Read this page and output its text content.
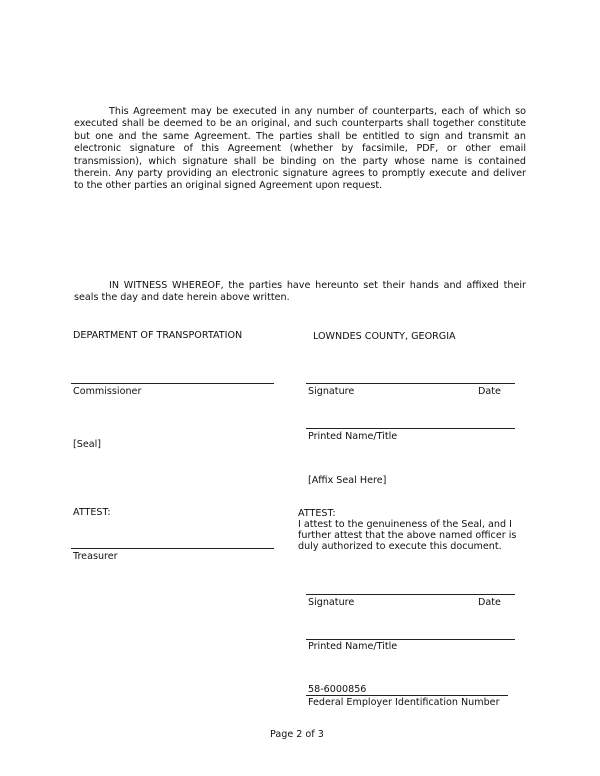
This Agreement may be executed in any number of counterparts, each of which so executed shall be deemed to be an original, and such counterparts shall together constitute but one and the same Agreement. The parties shall be entitled to sign and transmit an electronic signature of this Agreement (whether by facsimile, PDF, or other email transmission), which signature shall be binding on the party whose name is contained therein. Any party providing an electronic signature agrees to promptly execute and deliver to the other parties an original signed Agreement upon request.
IN WITNESS WHEREOF, the parties have hereunto set their hands and affixed their seals the day and date herein above written.
DEPARTMENT OF TRANSPORTATION
Commissioner
[Seal]
ATTEST:
Treasurer
LOWNDES COUNTY, GEORGIA
Signature	Date
Printed Name/Title
[Affix Seal Here]
ATTEST:
I attest to the genuineness of the Seal, and I further attest that the above named officer is duly authorized to execute this document.
Signature	Date
Printed Name/Title
58-6000856
Federal Employer Identification Number
Page 2 of 3
